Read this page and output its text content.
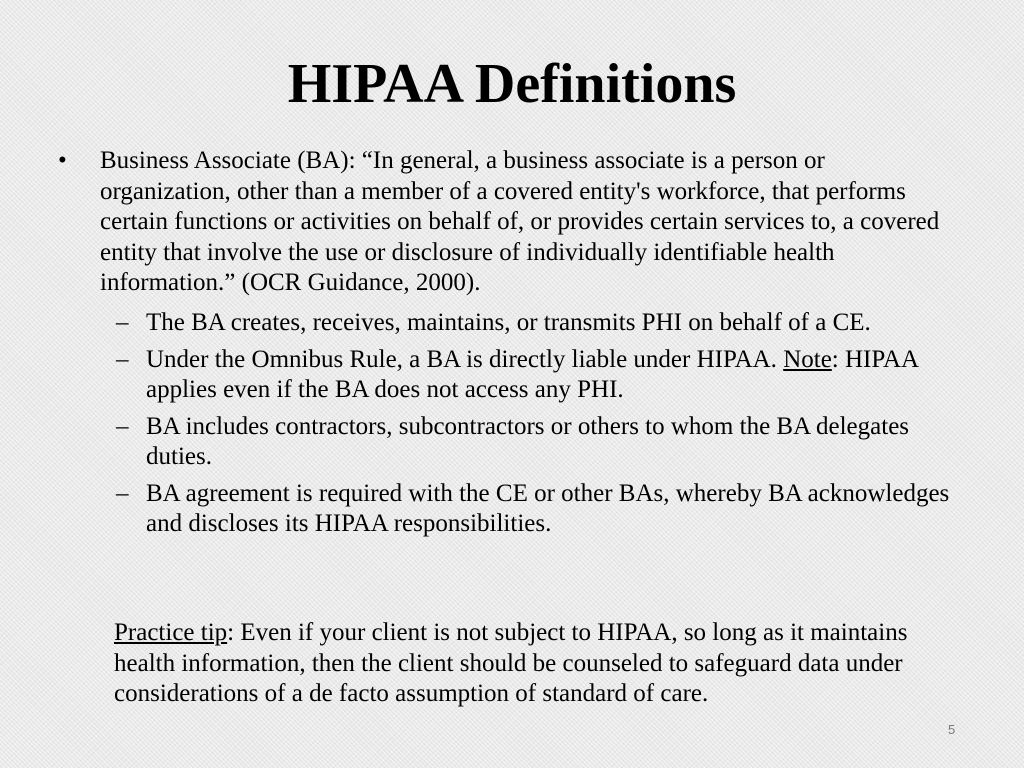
HIPAA Definitions
• Business Associate (BA): “In general, a business associate is a person or organization, other than a member of a covered entity's workforce, that performs certain functions or activities on behalf of, or provides certain services to, a covered entity that involve the use or disclosure of individually identifiable health information.” (OCR Guidance, 2000).
– The BA creates, receives, maintains, or transmits PHI on behalf of a CE.
– Under the Omnibus Rule, a BA is directly liable under HIPAA. Note: HIPAA applies even if the BA does not access any PHI.
– BA includes contractors, subcontractors or others to whom the BA delegates duties.
– BA agreement is required with the CE or other BAs, whereby BA acknowledges and discloses its HIPAA responsibilities.
Practice tip: Even if your client is not subject to HIPAA, so long as it maintains health information, then the client should be counseled to safeguard data under considerations of a de facto assumption of standard of care.
5
